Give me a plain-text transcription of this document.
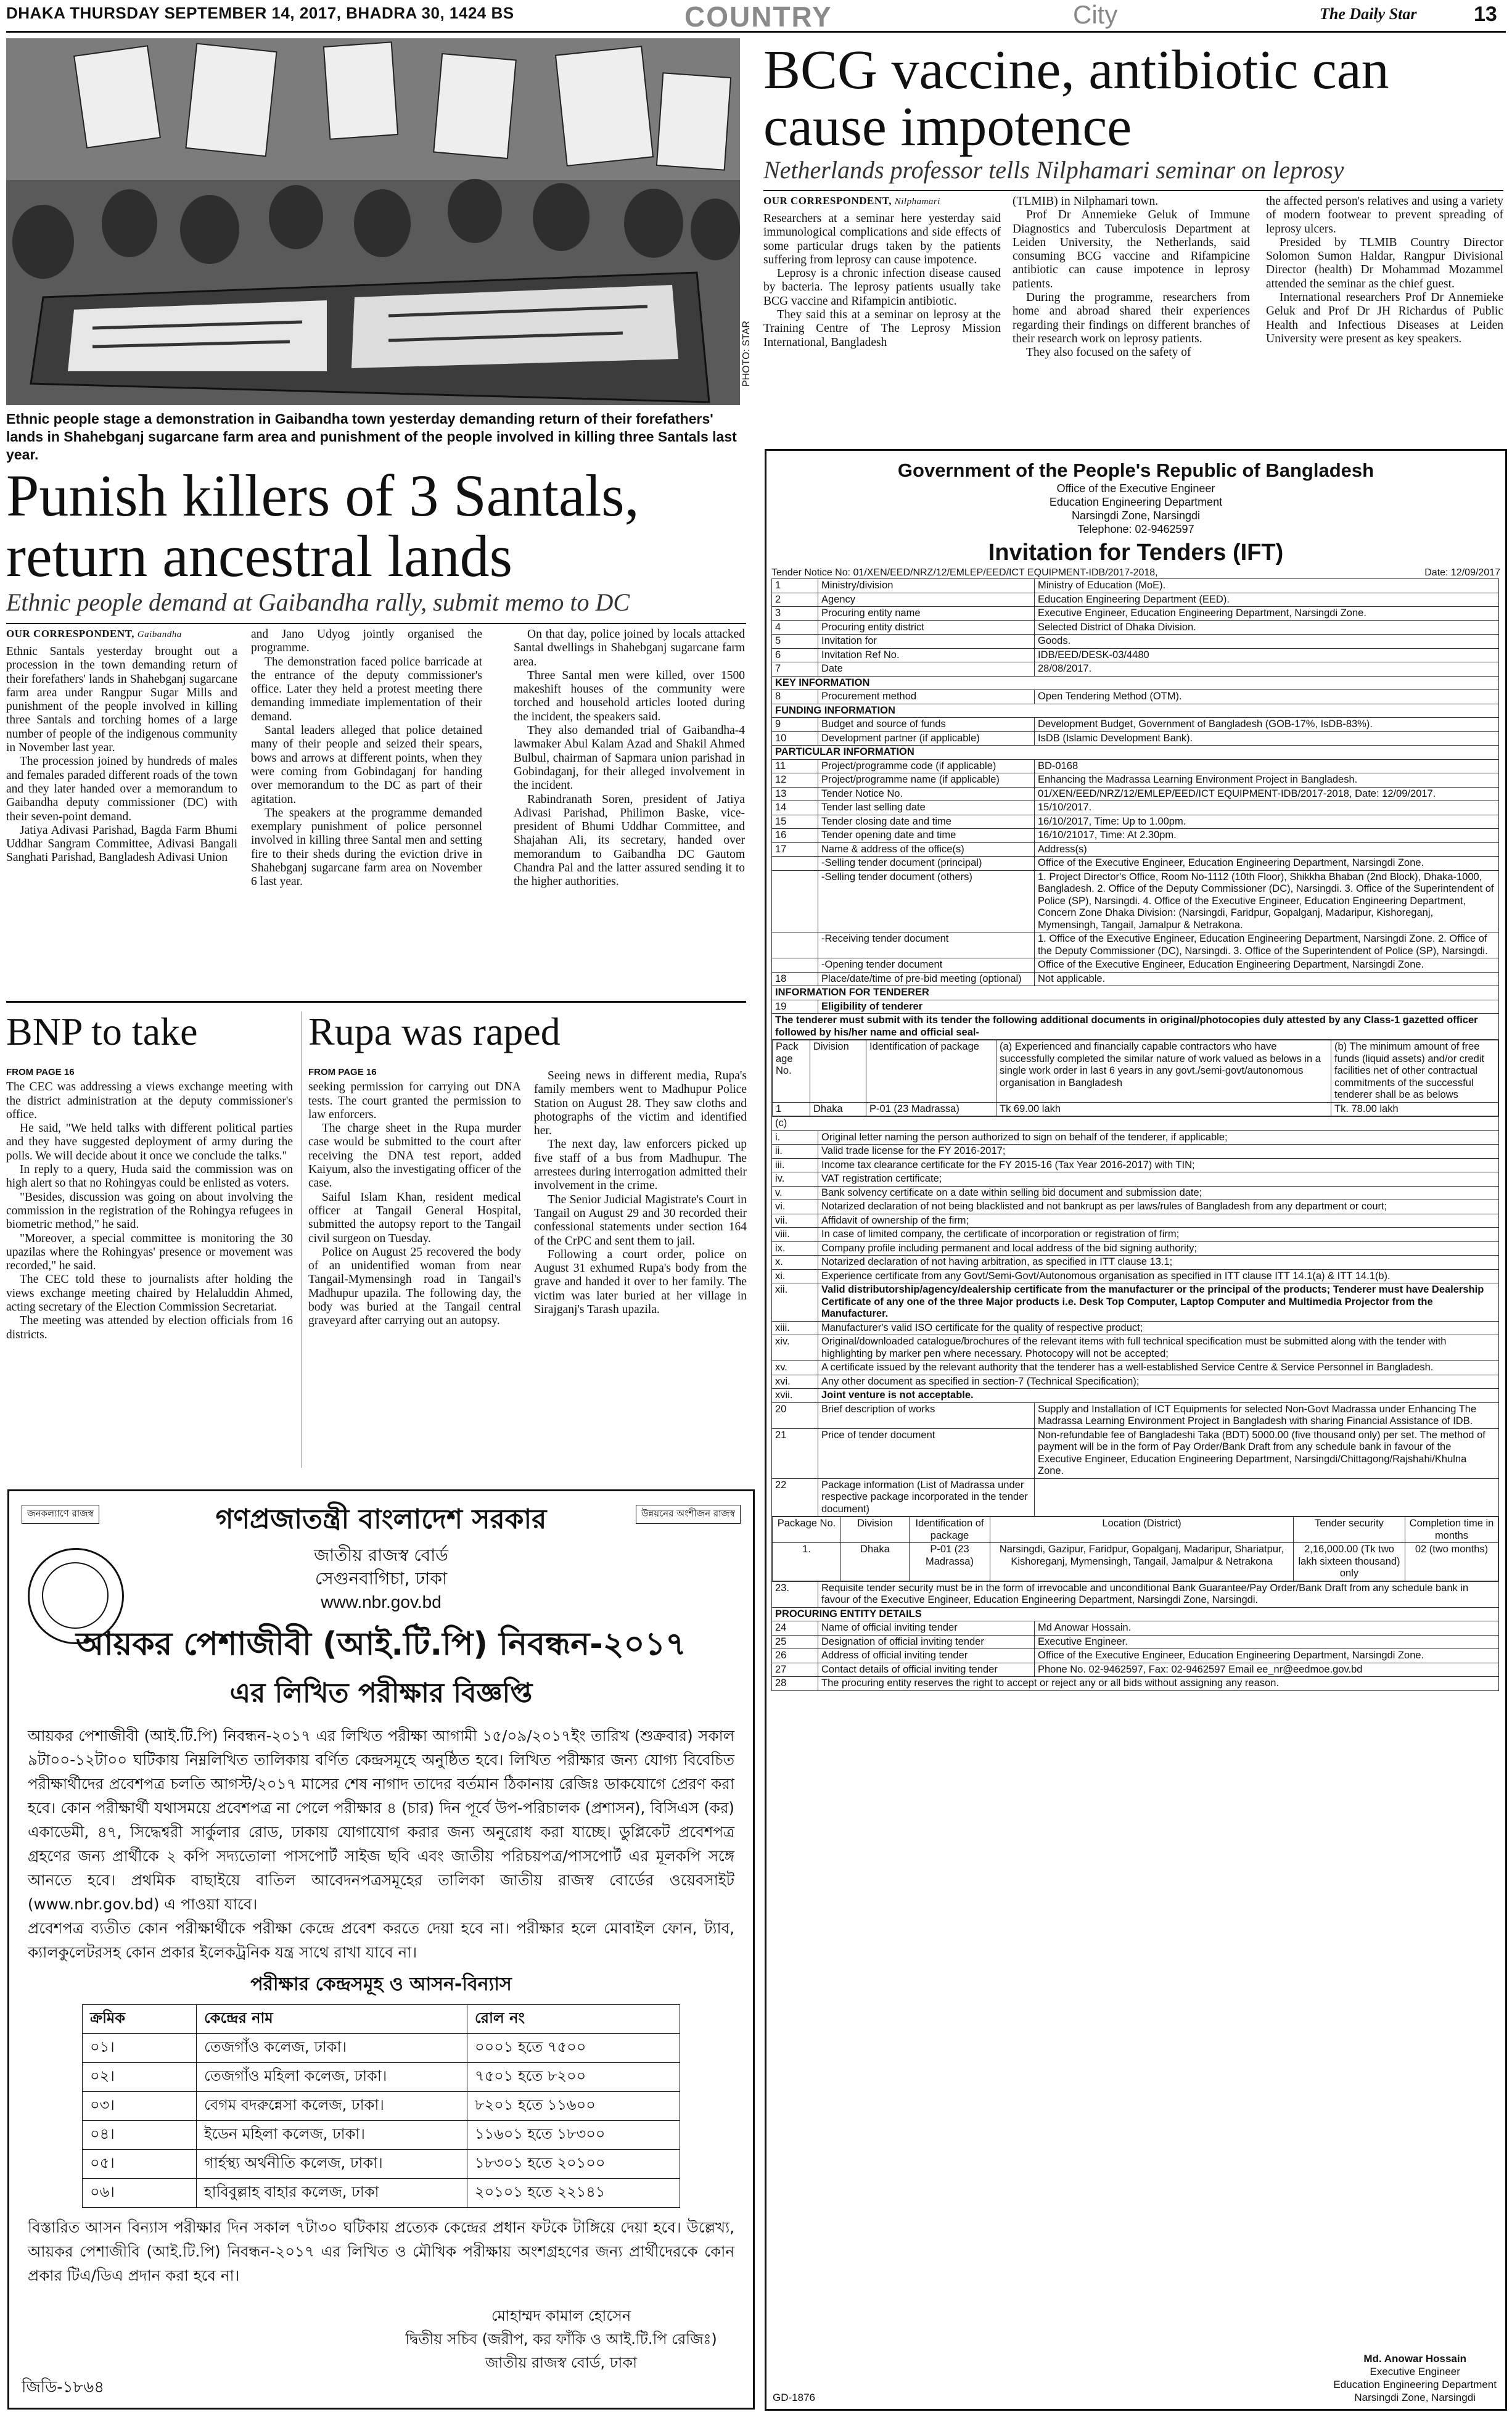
DHAKA THURSDAY SEPTEMBER 14, 2017, BHADRA 30, 1424 BS	COUNTRY	City	The Daily Star	13
PHOTO: STAR
Ethnic people stage a demonstration in Gaibandha town yesterday demanding return of their forefathers' lands in Shahebganj sugarcane farm area and punishment of the people involved in killing three Santals last year.
Punish killers of 3 Santals, return ancestral lands
Ethnic people demand at Gaibandha rally, submit memo to DC
OUR CORRESPONDENT, Gaibandha

Ethnic Santals yesterday brought out a procession in the town demanding return of their forefathers' lands in Shahebganj sugarcane farm area under Rangpur Sugar Mills and punishment of the people involved in killing three Santals and torching homes of a large number of people of the indigenous community in November last year.

The procession joined by hundreds of males and females paraded different roads of the town and they later handed over a memorandum to Gaibandha deputy commissioner (DC) with their seven-point demand.

Jatiya Adivasi Parishad, Bagda Farm Bhumi Uddhar Sangram Committee, Adivasi Bangali Sanghati Parishad, Bangladesh Adivasi Union

and Jano Udyog jointly organised the programme.

The demonstration faced police barricade at the entrance of the deputy commissioner's office. Later they held a protest meeting there demanding immediate implementation of their demand.

Santal leaders alleged that police detained many of their people and seized their spears, bows and arrows at different points, when they were coming from Gobindaganj for handing over memorandum to the DC as part of their agitation.

The speakers at the programme demanded exemplary punishment of police personnel involved in killing three Santal men and setting fire to their sheds during the eviction drive in Shahebganj sugarcane farm area on November 6 last year.

On that day, police joined by locals attacked Santal dwellings in Shahebganj sugarcane farm area.

Three Santal men were killed, over 1500 makeshift houses of the community were torched and household articles looted during the incident, the speakers said.

They also demanded trial of Gaibandha-4 lawmaker Abul Kalam Azad and Shakil Ahmed Bulbul, chairman of Sapmara union parishad in Gobindaganj, for their alleged involvement in the incident.

Rabindranath Soren, president of Jatiya Adivasi Parishad, Philimon Baske, vice-president of Bhumi Uddhar Committee, and Shajahan Ali, its secretary, handed over memorandum to Gaibandha DC Gautom Chandra Pal and the latter assured sending it to the higher authorities.

BNP to take
FROM PAGE 16

The CEC was addressing a views exchange meeting with the district administration at the deputy commissioner's office.

He said, "We held talks with different political parties and they have suggested deployment of army during the polls. We will decide about it once we conclude the talks."

In reply to a query, Huda said the commission was on high alert so that no Rohingyas could be enlisted as voters.

"Besides, discussion was going on about involving the commission in the registration of the Rohingya refugees in biometric method," he said.

"Moreover, a special committee is monitoring the 30 upazilas where the Rohingyas' presence or movement was recorded," he said.

The CEC told these to journalists after holding the views exchange meeting chaired by Helaluddin Ahmed, acting secretary of the Election Commission Secretariat.

The meeting was attended by election officials from 16 districts.

Rupa was raped
FROM PAGE 16

seeking permission for carrying out DNA tests. The court granted the permission to law enforcers.

The charge sheet in the Rupa murder case would be submitted to the court after receiving the DNA test report, added Kaiyum, also the investigating officer of the case.

Saiful Islam Khan, resident medical officer at Tangail General Hospital, submitted the autopsy report to the Tangail civil surgeon on Tuesday.

Police on August 25 recovered the body of an unidentified woman from near Tangail-Mymensingh road in Tangail's Madhupur upazila. The following day, the body was buried at the Tangail central graveyard after carrying out an autopsy.

Seeing news in different media, Rupa's family members went to Madhupur Police Station on August 28. They saw cloths and photographs of the victim and identified her.

The next day, law enforcers picked up five staff of a bus from Madhupur. The arrestees during interrogation admitted their involvement in the crime.

The Senior Judicial Magistrate's Court in Tangail on August 29 and 30 recorded their confessional statements under section 164 of the CrPC and sent them to jail.

Following a court order, police on August 31 exhumed Rupa's body from the grave and handed it over to her family. The victim was later buried at her village in Sirajganj's Tarash upazila.

BCG vaccine, antibiotic can cause impotence
Netherlands professor tells Nilphamari seminar on leprosy
OUR CORRESPONDENT, Nilphamari

Researchers at a seminar here yesterday said immunological complications and side effects of some particular drugs taken by the patients suffering from leprosy can cause impotence.

Leprosy is a chronic infection disease caused by bacteria. The leprosy patients usually take BCG vaccine and Rifampicin antibiotic.

They said this at a seminar on leprosy at the Training Centre of The Leprosy Mission International, Bangladesh

(TLMIB) in Nilphamari town.

Prof Dr Annemieke Geluk of Immune Diagnostics and Tuberculosis Department at Leiden University, the Netherlands, said consuming BCG vaccine and Rifampicine antibiotic can cause impotence in leprosy patients.

During the programme, researchers from home and abroad shared their experiences regarding their findings on different branches of their research work on leprosy patients.

They also focused on the safety of

the affected person's relatives and using a variety of modern footwear to prevent spreading of leprosy ulcers.

Presided by TLMIB Country Director Solomon Sumon Haldar, Rangpur Divisional Director (health) Dr Mohammad Mozammel attended the seminar as the chief guest.

International researchers Prof Dr Annemieke Geluk and Prof Dr JH Richardus of Public Health and Infectious Diseases at Leiden University were present as key speakers.

Government of the People's Republic of Bangladesh
Office of the Executive Engineer
Education Engineering Department
Narsingdi Zone, Narsingdi
Telephone: 02-9462597
Invitation for Tenders (IFT)
Tender Notice No: 01/XEN/EED/NRZ/12/EMLEP/EED/ICT EQUIPMENT-IDB/2017-2018,	Date: 12/09/2017
1	Ministry/division	Ministry of Education (MoE).
2	Agency	Education Engineering Department (EED).
3	Procuring entity name	Executive Engineer, Education Engineering Department, Narsingdi Zone.
4	Procuring entity district	Selected District of Dhaka Division.
5	Invitation for	Goods.
6	Invitation Ref No.	IDB/EED/DESK-03/4480
7	Date	28/08/2017.
KEY INFORMATION
8	Procurement method	Open Tendering Method (OTM).
FUNDING INFORMATION
9	Budget and source of funds	Development Budget, Government of Bangladesh (GOB-17%, IsDB-83%).
10	Development partner (if applicable)	IsDB (Islamic Development Bank).
PARTICULAR INFORMATION
11	Project/programme code (if applicable)	BD-0168
12	Project/programme name (if applicable)	Enhancing the Madrassa Learning Environment Project in Bangladesh.
13	Tender Notice No.	01/XEN/EED/NRZ/12/EMLEP/EED/ICT EQUIPMENT-IDB/2017-2018, Date: 12/09/2017.
14	Tender last selling date	15/10/2017.
15	Tender closing date and time	16/10/2017, Time: Up to 1.00pm.
16	Tender opening date and time	16/10/21017, Time: At 2.30pm.
17	Name & address of the office(s)	Address(s)
	-Selling tender document (principal)	Office of the Executive Engineer, Education Engineering Department, Narsingdi Zone.
	-Selling tender document (others)	1. Project Director's Office, Room No-1112 (10th Floor), Shikkha Bhaban (2nd Block), Dhaka-1000, Bangladesh. 2. Office of the Deputy Commissioner (DC), Narsingdi. 3. Office of the Superintendent of Police (SP), Narsingdi. 4. Office of the Executive Engineer, Education Engineering Department, Concern Zone Dhaka Division: (Narsingdi, Faridpur, Gopalganj, Madaripur, Kishoreganj, Mymensingh, Tangail, Jamalpur & Netrakona.
	-Receiving tender document	1. Office of the Executive Engineer, Education Engineering Department, Narsingdi Zone. 2. Office of the Deputy Commissioner (DC), Narsingdi. 3. Office of the Superintendent of Police (SP), Narsingdi.
	-Opening tender document	Office of the Executive Engineer, Education Engineering Department, Narsingdi Zone.
18	Place/date/time of pre-bid meeting (optional)	Not applicable.
INFORMATION FOR TENDERER
19	Eligibility of tenderer
The tenderer must submit with its tender the following additional documents in original/photocopies duly attested by any Class-1 gazetted officer followed by his/her name and official seal-

Pack age No.	Division	Identification of package	(a) Experienced and financially capable contractors who have successfully completed the similar nature of work valued as belows in a single work order in last 6 years in any govt./semi-govt/autonomous organisation in Bangladesh	(b) The minimum amount of free funds (liquid assets) and/or credit facilities net of other contractual commitments of the successful tenderer shall be as belows
1	Dhaka	P-01 (23 Madrassa)	Tk 69.00 lakh	Tk. 78.00 lakh

(c)
i.	Original letter naming the person authorized to sign on behalf of the tenderer, if applicable;
ii.	Valid trade license for the FY 2016-2017;
iii.	Income tax clearance certificate for the FY 2015-16 (Tax Year 2016-2017) with TIN;
iv.	VAT registration certificate;
v.	Bank solvency certificate on a date within selling bid document and submission date;
vi.	Notarized declaration of not being blacklisted and not bankrupt as per laws/rules of Bangladesh from any department or court;
vii.	Affidavit of ownership of the firm;
viii.	In case of limited company, the certificate of incorporation or registration of firm;
ix.	Company profile including permanent and local address of the bid signing authority;
x.	Notarized declaration of not having arbitration, as specified in ITT clause 13.1;
xi.	Experience certificate from any Govt/Semi-Govt/Autonomous organisation as specified in ITT clause ITT 14.1(a) & ITT 14.1(b).
xii.	Valid distributorship/agency/dealership certificate from the manufacturer or the principal of the products; Tenderer must have Dealership Certificate of any one of the three Major products i.e. Desk Top Computer, Laptop Computer and Multimedia Projector from the Manufacturer.
xiii.	Manufacturer's valid ISO certificate for the quality of respective product;
xiv.	Original/downloaded catalogue/brochures of the relevant items with full technical specification must be submitted along with the tender with highlighting by marker pen where necessary. Photocopy will not be accepted;
xv.	A certificate issued by the relevant authority that the tenderer has a well-established Service Centre & Service Personnel in Bangladesh.
xvi.	Any other document as specified in section-7 (Technical Specification);
xvii.	Joint venture is not acceptable.
20	Brief description of works	Supply and Installation of ICT Equipments for selected Non-Govt Madrassa under Enhancing The Madrassa Learning Environment Project in Bangladesh with sharing Financial Assistance of IDB.
21	Price of tender document	Non-refundable fee of Bangladeshi Taka (BDT) 5000.00 (five thousand only) per set. The method of payment will be in the form of Pay Order/Bank Draft from any schedule bank in favour of the Executive Engineer, Education Engineering Department, Narsingdi/Chittagong/Rajshahi/Khulna Zone.
22	Package information (List of Madrassa under respective package incorporated in the tender document)	

Package No.	Division	Identification of package	Location (District)	Tender security	Completion time in months
1.	Dhaka	P-01 (23 Madrassa)	Narsingdi, Gazipur, Faridpur, Gopalganj, Madaripur, Shariatpur, Kishoreganj, Mymensingh, Tangail, Jamalpur & Netrakona	2,16,000.00 (Tk two lakh sixteen thousand) only	02 (two months)

23.	Requisite tender security must be in the form of irrevocable and unconditional Bank Guarantee/Pay Order/Bank Draft from any schedule bank in favour of the Executive Engineer, Education Engineering Department, Narsingdi Zone, Narsingdi.
PROCURING ENTITY DETAILS
24	Name of official inviting tender	Md Anowar Hossain.
25	Designation of official inviting tender	Executive Engineer.
26	Address of official inviting tender	Office of the Executive Engineer, Education Engineering Department, Narsingdi Zone.
27	Contact details of official inviting tender	Phone No. 02-9462597, Fax: 02-9462597 Email ee_nr@eedmoe.gov.bd
28	The procuring entity reserves the right to accept or reject any or all bids without assigning any reason.
Md. Anowar Hossain
Executive Engineer
Education Engineering Department
Narsingdi Zone, Narsingdi
GD-1876
জনকল্যাণে রাজস্ব	উন্নয়নের অংশীজন রাজস্ব
গণপ্রজাতন্ত্রী বাংলাদেশ সরকার
জাতীয় রাজস্ব বোর্ড
সেগুনবাগিচা, ঢাকা
www.nbr.gov.bd
আয়কর পেশাজীবী (আই.টি.পি) নিবন্ধন-২০১৭
এর লিখিত পরীক্ষার বিজ্ঞপ্তি
আয়কর পেশাজীবী (আই.টি.পি) নিবন্ধন-২০১৭ এর লিখিত পরীক্ষা আগামী ১৫/০৯/২০১৭ইং তারিখ (শুক্রবার) সকাল ৯টা০০-১২টা০০ ঘটিকায় নিম্নলিখিত তালিকায় বর্ণিত কেন্দ্রসমূহে অনুষ্ঠিত হবে। লিখিত পরীক্ষার জন্য যোগ্য বিবেচিত পরীক্ষার্থীদের প্রবেশপত্র চলতি আগস্ট/২০১৭ মাসের শেষ নাগাদ তাদের বর্তমান ঠিকানায় রেজিঃ ডাকযোগে প্রেরণ করা হবে। কোন পরীক্ষার্থী যথাসময়ে প্রবেশপত্র না পেলে পরীক্ষার ৪ (চার) দিন পূর্বে উপ-পরিচালক (প্রশাসন), বিসিএস (কর) একাডেমী, ৪৭, সিদ্ধেশ্বরী সার্কুলার রোড, ঢাকায় যোগাযোগ করার জন্য অনুরোধ করা যাচ্ছে। ডুপ্লিকেট প্রবেশপত্র গ্রহণের জন্য প্রার্থীকে ২ কপি সদ্যতোলা পাসপোর্ট সাইজ ছবি এবং জাতীয় পরিচয়পত্র/পাসপোর্ট এর মূলকপি সঙ্গে আনতে হবে। প্রথমিক বাছাইয়ে বাতিল আবেদনপত্রসমূহের তালিকা জাতীয় রাজস্ব বোর্ডের ওয়েবসাইট (www.nbr.gov.bd) এ পাওয়া যাবে।
প্রবেশপত্র ব্যতীত কোন পরীক্ষার্থীকে পরীক্ষা কেন্দ্রে প্রবেশ করতে দেয়া হবে না। পরীক্ষার হলে মোবাইল ফোন, ট্যাব, ক্যালকুলেটরসহ কোন প্রকার ইলেকট্রনিক যন্ত্র সাথে রাখা যাবে না।
পরীক্ষার কেন্দ্রসমূহ ও আসন-বিন্যাস
ক্রমিক	কেন্দ্রের নাম	রোল নং
০১।	তেজগাঁও কলেজ, ঢাকা।	০০০১ হতে ৭৫০০
০২।	তেজগাঁও মহিলা কলেজ, ঢাকা।	৭৫০১ হতে ৮২০০
০৩।	বেগম বদরুন্নেসা কলেজ, ঢাকা।	৮২০১ হতে ১১৬০০
০৪।	ইডেন মহিলা কলেজ, ঢাকা।	১১৬০১ হতে ১৮৩০০
০৫।	গার্হস্থ্য অর্থনীতি কলেজ, ঢাকা।	১৮৩০১ হতে ২০১০০
০৬।	হাবিবুল্লাহ বাহার কলেজ, ঢাকা	২০১০১ হতে ২২১৪১
বিস্তারিত আসন বিন্যাস পরীক্ষার দিন সকাল ৭টা৩০ ঘটিকায় প্রত্যেক কেন্দ্রের প্রধান ফটকে টাঙ্গিয়ে দেয়া হবে। উল্লেখ্য, আয়কর পেশাজীবি (আই.টি.পি) নিবন্ধন-২০১৭ এর লিখিত ও মৌখিক পরীক্ষায় অংশগ্রহণের জন্য প্রার্থীদেরকে কোন প্রকার টিএ/ডিএ প্রদান করা হবে না।
মোহাম্মদ কামাল হোসেন
দ্বিতীয় সচিব (জরীপ, কর ফাঁকি ও আই.টি.পি রেজিঃ)
জাতীয় রাজস্ব বোর্ড, ঢাকা
জিডি-১৮৬৪
